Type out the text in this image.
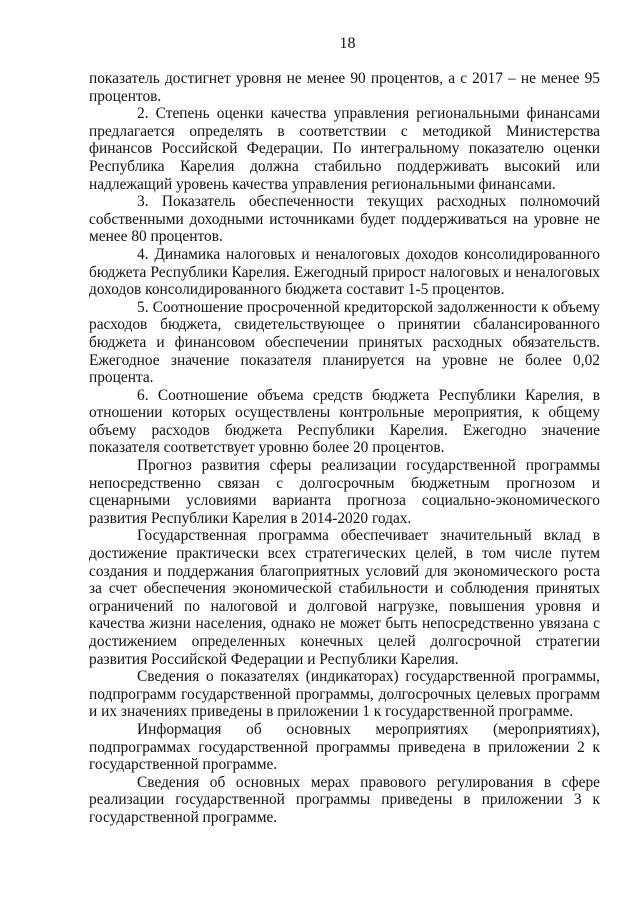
18

показатель достигнет уровня не менее 90 процентов, а с 2017 – не менее 95 процентов.

2. Степень оценки качества управления региональными финансами предлагается определять в соответствии с методикой Министерства финансов Российской Федерации. По интегральному показателю оценки Республика Карелия должна стабильно поддерживать высокий или надлежащий уровень качества управления региональными финансами.

3. Показатель обеспеченности текущих расходных полномочий собственными доходными источниками будет поддерживаться на уровне не менее 80 процентов.

4. Динамика налоговых и неналоговых доходов консолидированного бюджета Республики Карелия. Ежегодный прирост налоговых и неналоговых доходов консолидированного бюджета составит 1-5 процентов.

5. Соотношение просроченной кредиторской задолженности к объему расходов бюджета, свидетельствующее о принятии сбалансированного бюджета и финансовом обеспечении принятых расходных обязательств. Ежегодное значение показателя планируется на уровне не более 0,02 процента.

6. Соотношение объема средств бюджета Республики Карелия, в отношении которых осуществлены контрольные мероприятия, к общему объему расходов бюджета Республики Карелия. Ежегодно значение показателя соответствует уровню более 20 процентов.

Прогноз развития сферы реализации государственной программы непосредственно связан с долгосрочным бюджетным прогнозом и сценарными условиями варианта прогноза социально-экономического развития Республики Карелия в 2014-2020 годах.

Государственная программа обеспечивает значительный вклад в достижение практически всех стратегических целей, в том числе путем создания и поддержания благоприятных условий для экономического роста за счет обеспечения экономической стабильности и соблюдения принятых ограничений по налоговой и долговой нагрузке, повышения уровня и качества жизни населения, однако не может быть непосредственно увязана с достижением определенных конечных целей долгосрочной стратегии развития Российской Федерации и Республики Карелия.

Сведения о показателях (индикаторах) государственной программы, подпрограмм государственной программы, долгосрочных целевых программ и их значениях приведены в приложении 1 к государственной программе.

Информация об основных мероприятиях (мероприятиях), подпрограммах государственной программы приведена в приложении 2 к государственной программе.

Сведения об основных мерах правового регулирования в сфере реализации государственной программы приведены в приложении 3 к государственной программе.
